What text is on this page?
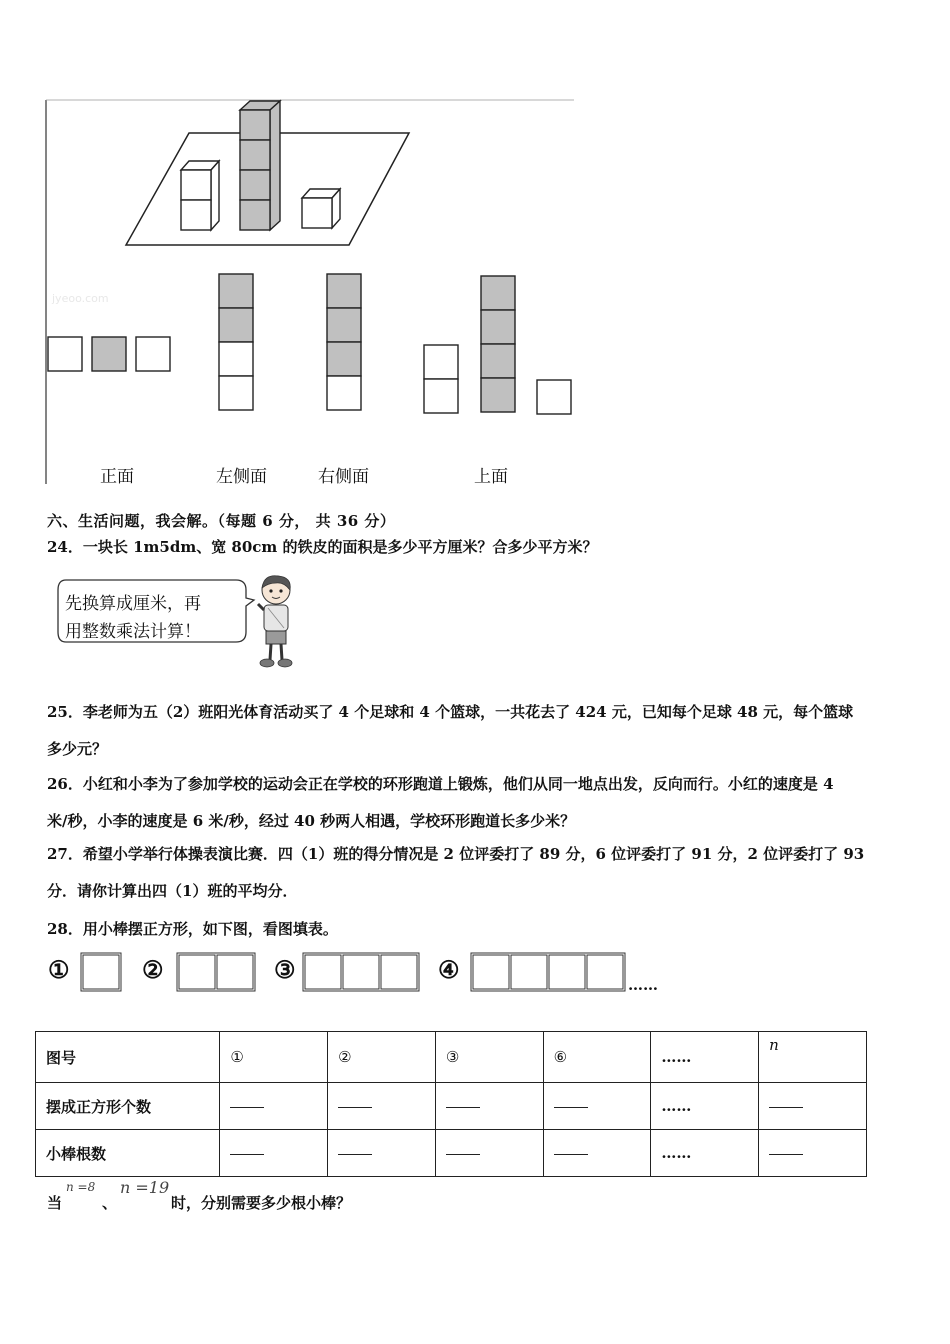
jyeoo.com
正面	左侧面	右侧面	上面
六、生活问题，我会解。（每题 6 分， 共 36 分）
24．一块长 1m5dm、宽 80cm 的铁皮的面积是多少平方厘米？合多少平方米？
先换算成厘米，再
用整数乘法计算！
25．李老师为五（2）班阳光体育活动买了 4 个足球和 4 个篮球，一共花去了 424 元，已知每个足球 48 元，每个篮球
多少元？
26．小红和小李为了参加学校的运动会正在学校的环形跑道上锻炼，他们从同一地点出发，反向而行。小红的速度是 4
米/秒，小李的速度是 6 米/秒，经过 40 秒两人相遇，学校环形跑道长多少米？
27．希望小学举行体操表演比赛．四（1）班的得分情况是 2 位评委打了 89 分，6 位评委打了 91 分，2 位评委打了 93
分．请你计算出四（1）班的平均分．
28．用小棒摆正方形，如下图，看图填表。
①	②	③	④
……
图号	①	②	③	⑥	……	n
摆成正方形个数					……	
小棒根数					……	
当
n =8
、
n =19
时，分别需要多少根小棒？
